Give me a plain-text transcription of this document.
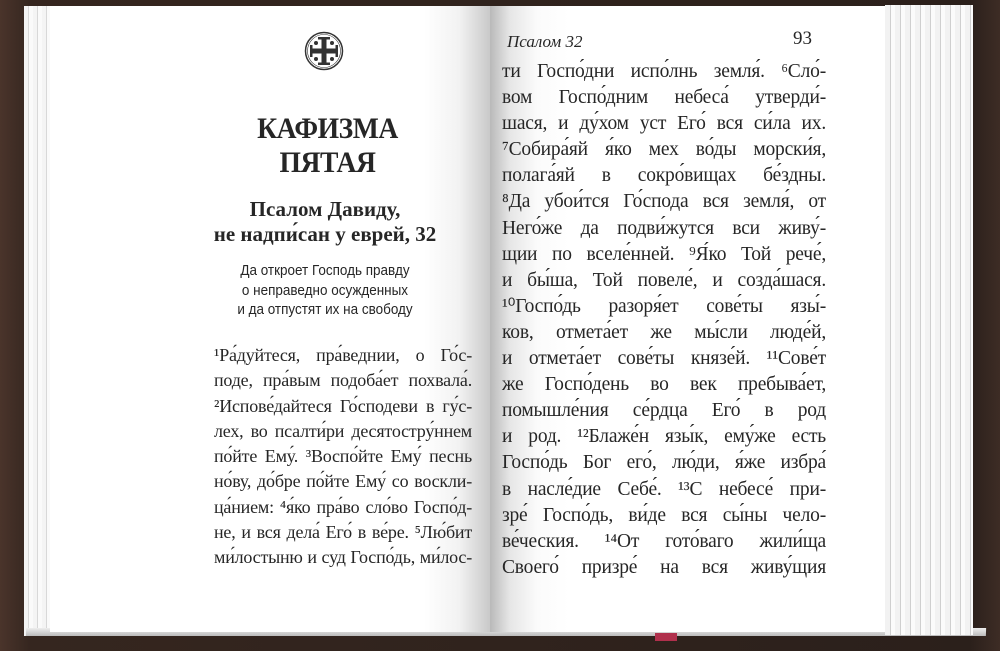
КАФИЗМА ПЯТАЯ
Псалом Давиду,
не надпи́сан у еврей, 32
Да откроет Господь правду
о неправедно осужденных
и да отпустят их на свободу
¹Ра́дуйтеся, пра́веднии, о Го́с-
поде, пра́вым подоба́ет похвала́.
²Испове́дайтеся Го́сподеви в гу́с-
лех, во псалти́ри десятостру́ннем
по́йте Ему́. ³Воспо́йте Ему́ песнь
но́ву, до́бре по́йте Ему́ со воскли-
ца́нием: ⁴я́ко пра́во сло́во Госпо́д-
не, и вся дела́ Его́ в ве́ре. ⁵Лю́бит
ми́лостыню и суд Госпо́дь, ми́лос-
Псалом 32	93
ти Госпо́дни испо́лнь земля́. ⁶Сло́-
вом Госпо́дним небеса́ утверди́-
шася, и ду́хом уст Его́ вся си́ла их.
⁷Собира́яй я́ко мех во́ды морски́я,
полага́яй в сокро́вищах бе́здны.
⁸Да убои́тся Го́спода вся земля́, от
Него́же да подви́жутся вси живу́-
щии по вселе́нней. ⁹Я́ко Той рече́,
и бы́ша, Той повеле́, и созда́шася.
¹⁰Госпо́дь разоря́ет сове́ты язы́-
ков, отмета́ет же мы́сли люде́й,
и отмета́ет сове́ты князе́й. ¹¹Сове́т
же Госпо́день во век пребыва́ет,
помышле́ния се́рдца Его́ в род
и род. ¹²Блаже́н язы́к, ему́же есть
Госпо́дь Бог его́, лю́ди, я́же избра́
в насле́дие Себе́. ¹³С небесе́ при-
зре́ Госпо́дь, ви́де вся сы́ны чело-
ве́ческия. ¹⁴От гото́ваго жили́ща
Своего́ призре́ на вся живу́щия
